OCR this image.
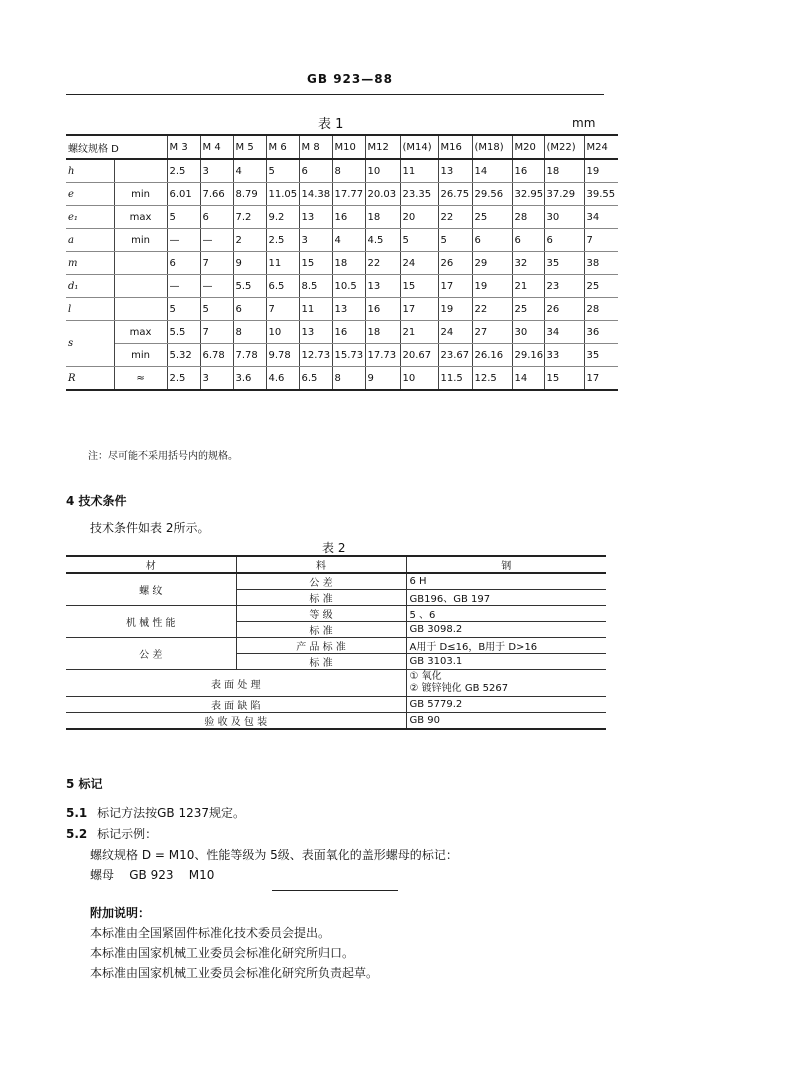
GB 923—88
表 1	mm
螺纹规格 D		M 3	M 4	M 5	M 6	M 8	M10	M12	(M14)	M16	(M18)	M20	(M22)	M24
h		2.5	3	4	5	6	8	10	11	13	14	16	18	19
e	min	6.01	7.66	8.79	11.05	14.38	17.77	20.03	23.35	26.75	29.56	32.95	37.29	39.55
e₁	max	5	6	7.2	9.2	13	16	18	20	22	25	28	30	34
a	min	—	—	2	2.5	3	4	4.5	5	5	6	6	6	7
m		6	7	9	11	15	18	22	24	26	29	32	35	38
d₁		—	—	5.5	6.5	8.5	10.5	13	15	17	19	21	23	25
l		5	5	6	7	11	13	16	17	19	22	25	26	28
s	max	5.5	7	8	10	13	16	18	21	24	27	30	34	36
	min	5.32	6.78	7.78	9.78	12.73	15.73	17.73	20.67	23.67	26.16	29.16	33	35
R	≈	2.5	3	3.6	4.6	6.5	8	9	10	11.5	12.5	14	15	17
注：尽可能不采用括号内的规格。
4 技术条件
技术条件如表 2所示。
表 2
材	料	钢
螺 纹	公 差	6 H
	标 准	GB196、GB 197
机 械 性 能	等 级	5 、6
	标 准	GB 3098.2
公 差	产 品 标 准	A用于 D≤16，B用于 D>16
	标 准	GB 3103.1
表 面 处 理		① 氧化
② 镀锌钝化 GB 5267

表 面 缺 陷		GB 5779.2
验 收 及 包 装		GB 90
5 标记
5.1 标记方法按GB 1237规定。
5.2 标记示例：
螺纹规格 D = M10、性能等级为 5级、表面氧化的盖形螺母的标记：
螺母    GB 923    M10
附加说明：
本标准由全国紧固件标准化技术委员会提出。
本标准由国家机械工业委员会标准化研究所归口。
本标准由国家机械工业委员会标准化研究所负责起草。
